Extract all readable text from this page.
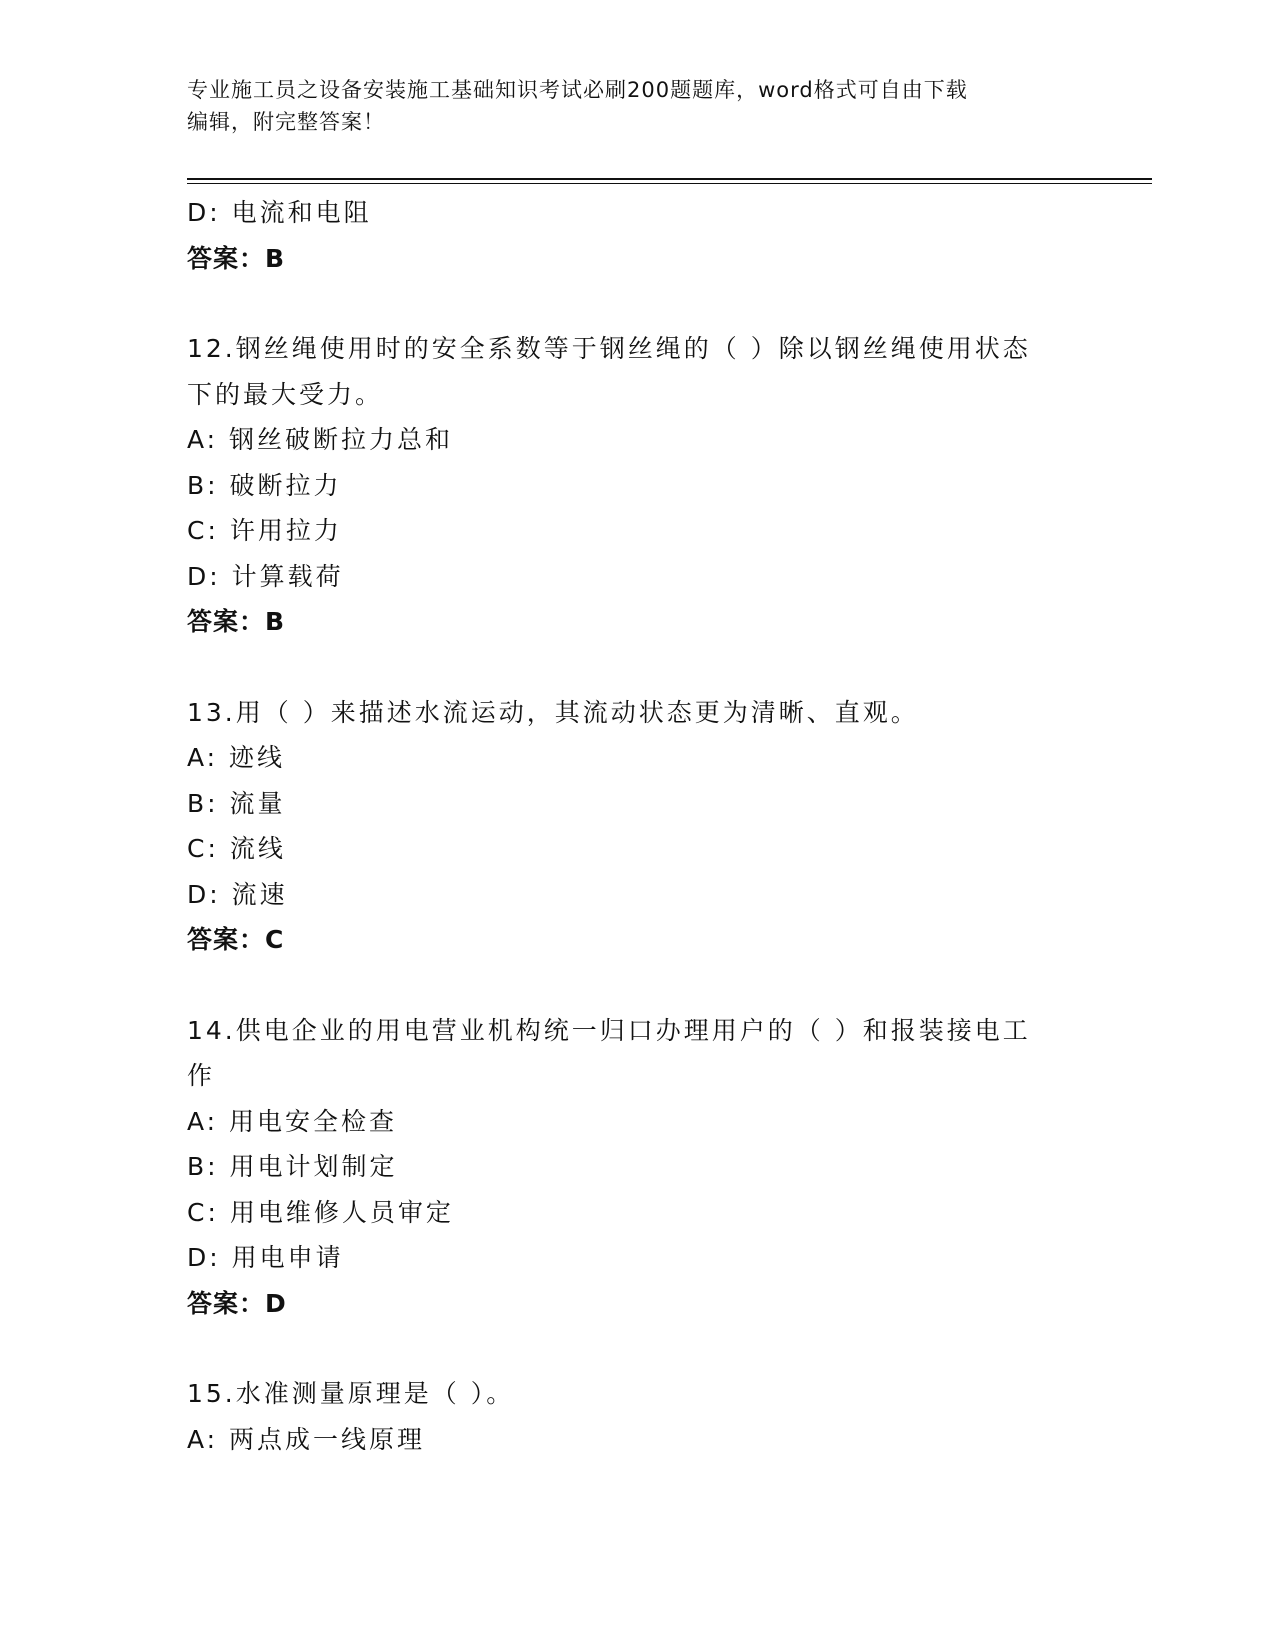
专业施工员之设备安装施工基础知识考试必刷200题题库，word格式可自由下载
编辑，附完整答案！
D: 电流和电阻
答案：B
12.钢丝绳使用时的安全系数等于钢丝绳的（ ）除以钢丝绳使用状态
下的最大受力。
A: 钢丝破断拉力总和
B: 破断拉力
C: 许用拉力
D: 计算载荷
答案：B
13.用（ ）来描述水流运动，其流动状态更为清晰、直观。
A: 迹线
B: 流量
C: 流线
D: 流速
答案：C
14.供电企业的用电营业机构统一归口办理用户的（ ）和报装接电工
作
A: 用电安全检查
B: 用电计划制定
C: 用电维修人员审定
D: 用电申请
答案：D
15.水准测量原理是（ ）。
A: 两点成一线原理
